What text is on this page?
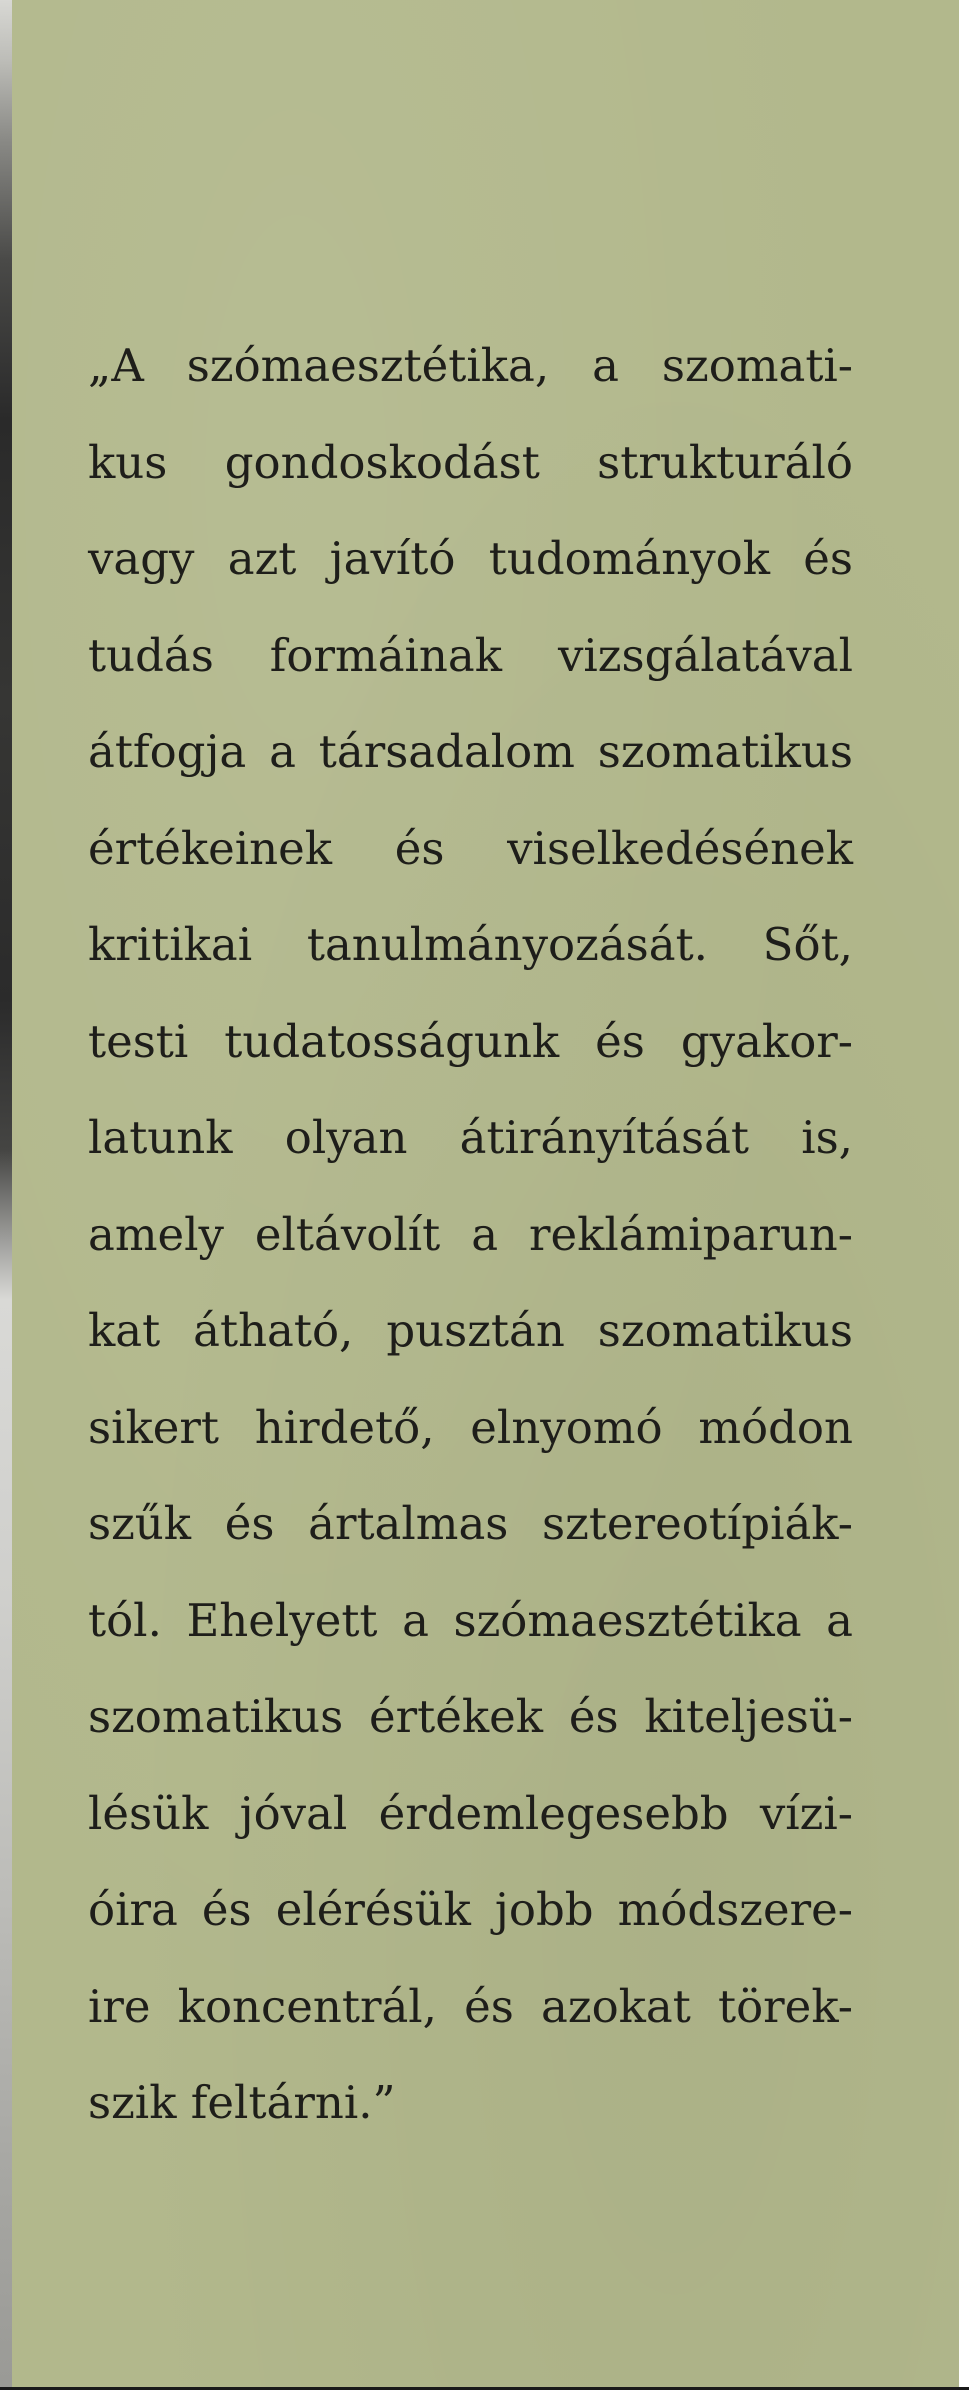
„A szómaesztétika, a szomati-
kus gondoskodást strukturáló
vagy azt javító tudományok és
tudás formáinak vizsgálatával
átfogja a társadalom szomatikus
értékeinek és viselkedésének
kritikai tanulmányozását. Sőt,
testi tudatosságunk és gyakor-
latunk olyan átirányítását is,
amely eltávolít a reklámiparun-
kat átható, pusztán szomatikus
sikert hirdető, elnyomó módon
szűk és ártalmas sztereotípiák-
tól. Ehelyett a szómaesztétika a
szomatikus értékek és kiteljesü-
lésük jóval érdemlegesebb vízi-
óira és elérésük jobb módszere-
ire koncentrál, és azokat törek-
szik feltárni.”
